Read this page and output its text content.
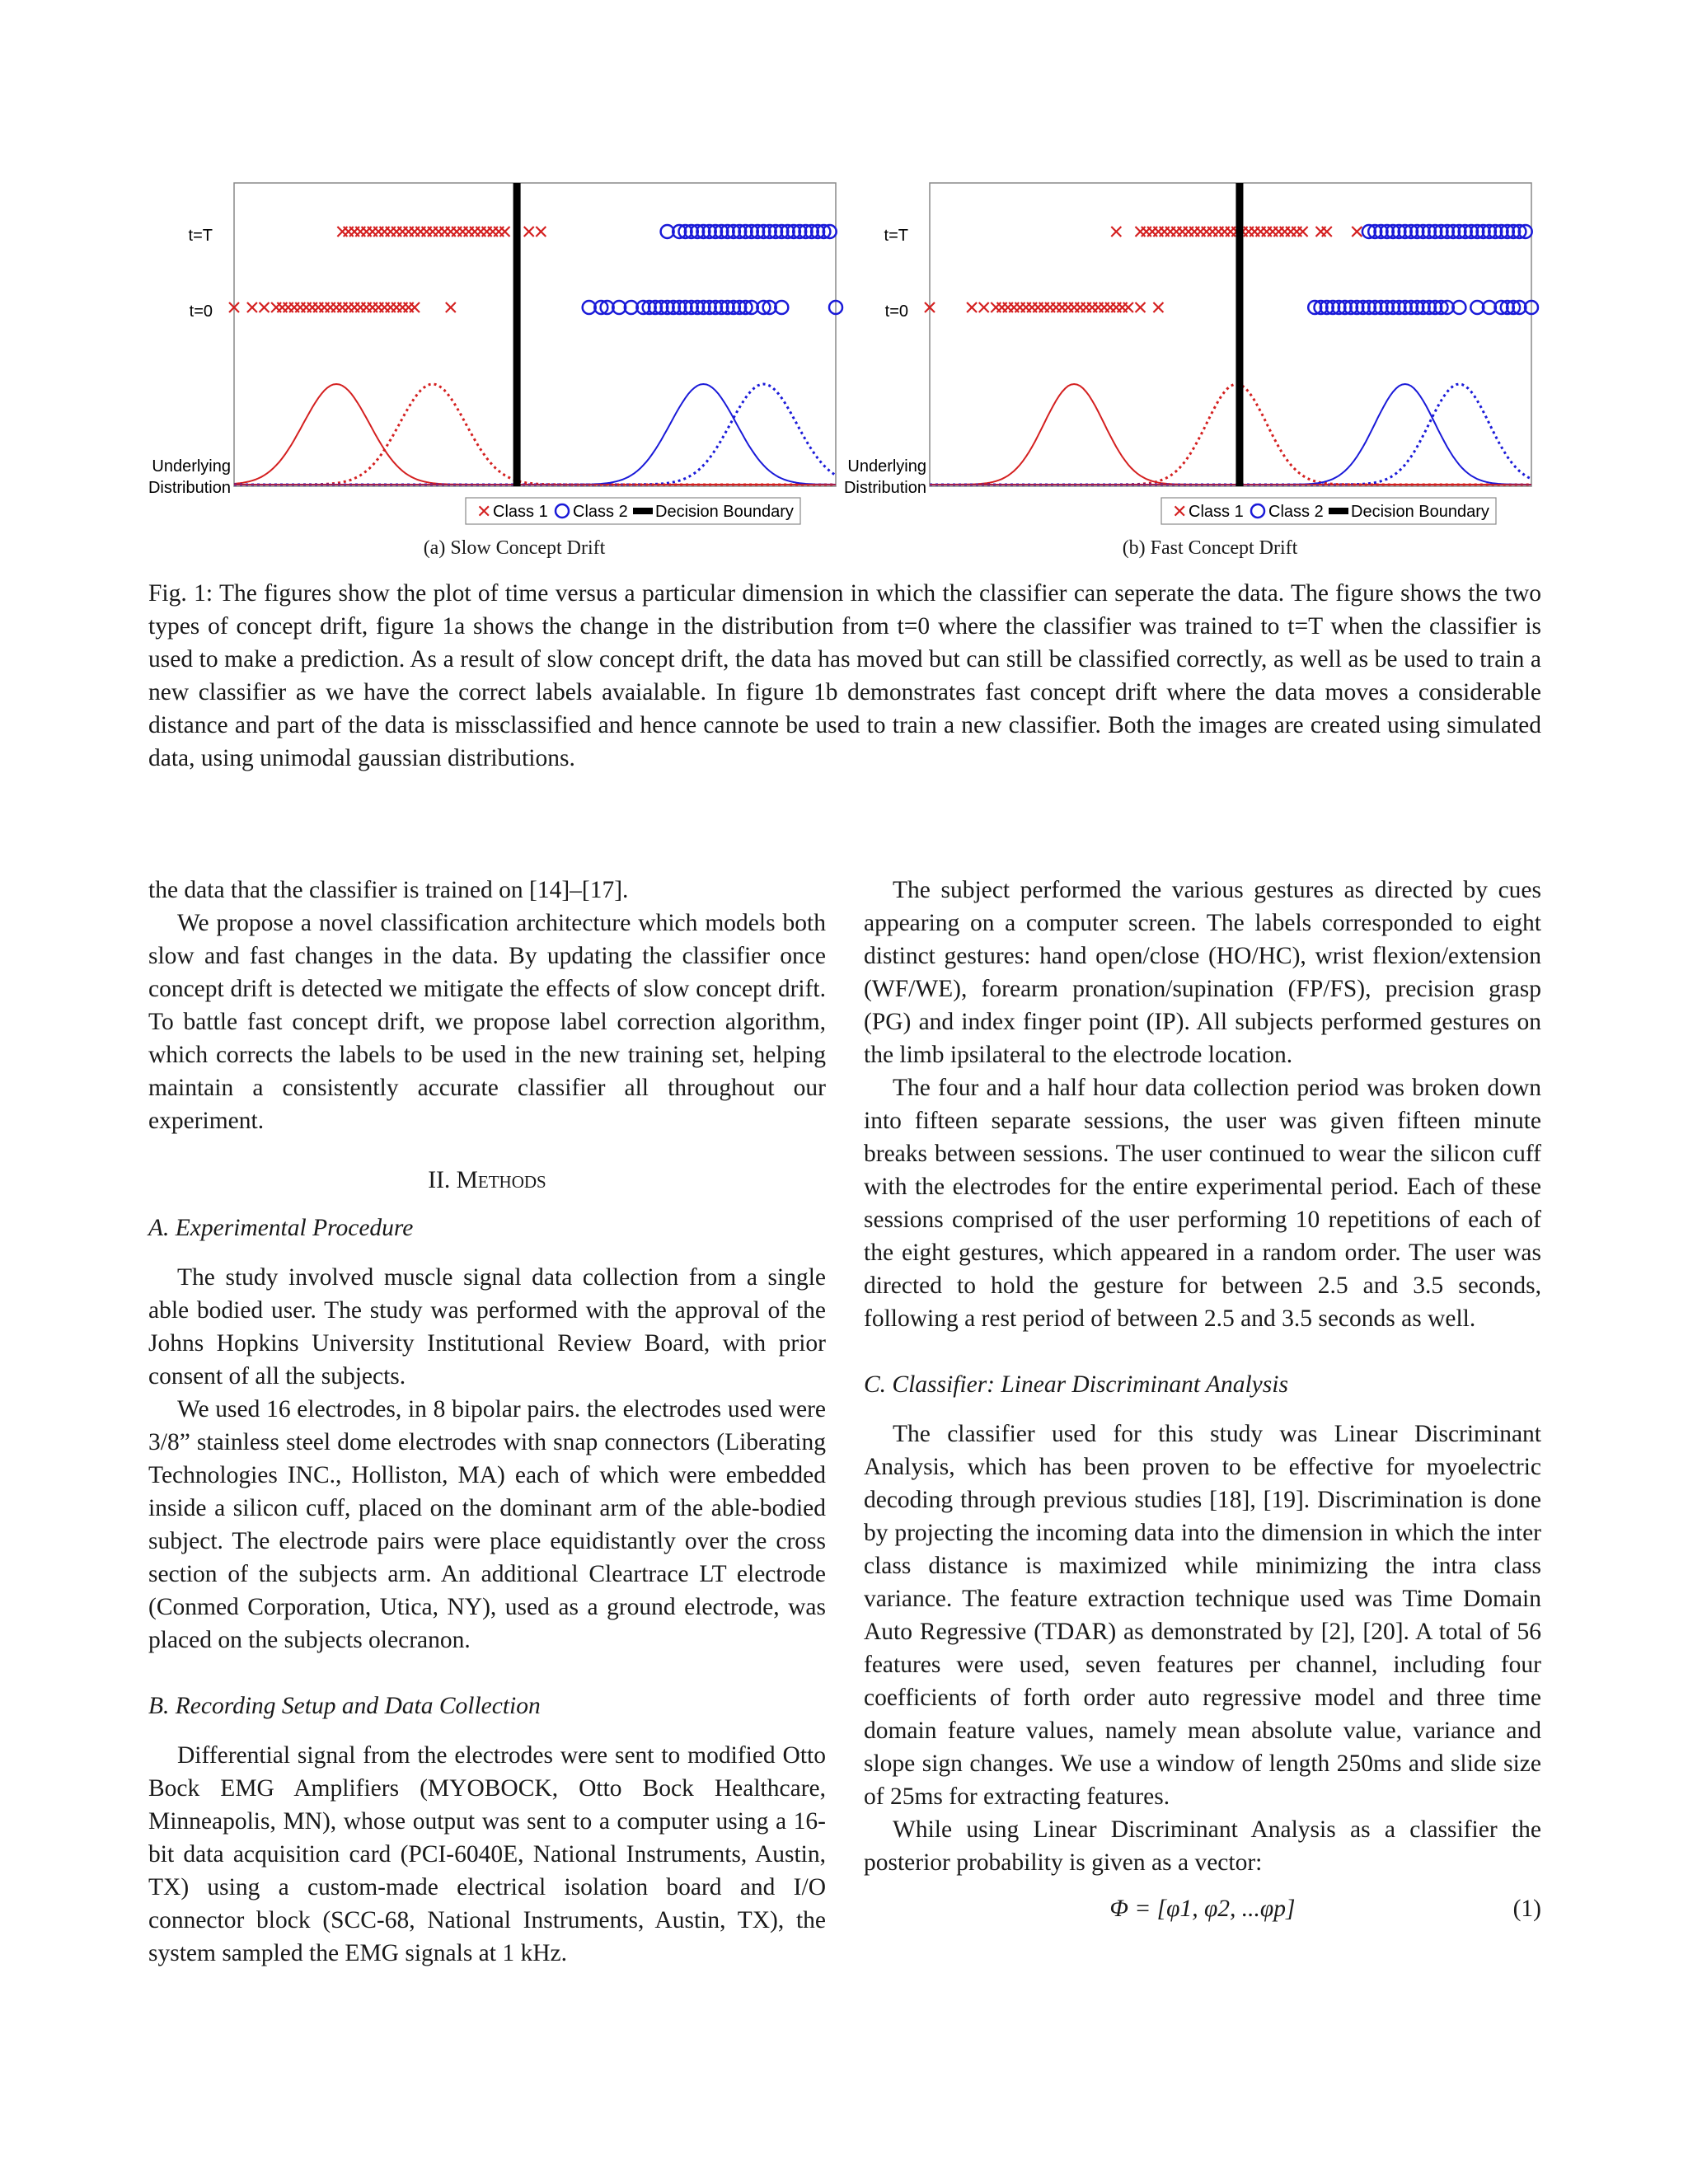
t=T
t=0
Underlying
Distribution
✕ Class 1 Class 2 Decision Boundary
t=T
t=0
Underlying
Distribution
✕ Class 1 Class 2 Decision Boundary
(a) Slow Concept Drift	(b) Fast Concept Drift
Fig. 1: The figures show the plot of time versus a particular dimension in which the classifier can seperate the data. The figure shows the two types of concept drift, figure 1a shows the change in the distribution from t=0 where the classifier was trained to t=T when the classifier is used to make a prediction. As a result of slow concept drift, the data has moved but can still be classified correctly, as well as be used to train a new classifier as we have the correct labels avaialable. In figure 1b demonstrates fast concept drift where the data moves a considerable distance and part of the data is missclassified and hence cannote be used to train a new classifier. Both the images are created using simulated data, using unimodal gaussian distributions.

the data that the classifier is trained on [14]–[17].

We propose a novel classification architecture which models both slow and fast changes in the data. By updating the classifier once concept drift is detected we mitigate the effects of slow concept drift. To battle fast concept drift, we propose label correction algorithm, which corrects the labels to be used in the new training set, helping maintain a consistently accurate classifier all throughout our experiment.

II. Methods
A. Experimental Procedure

The study involved muscle signal data collection from a single able bodied user. The study was performed with the approval of the Johns Hopkins University Institutional Review Board, with prior consent of all the subjects.

We used 16 electrodes, in 8 bipolar pairs. the electrodes used were 3/8” stainless steel dome electrodes with snap connectors (Liberating Technologies INC., Holliston, MA) each of which were embedded inside a silicon cuff, placed on the dominant arm of the able-bodied subject. The electrode pairs were place equidistantly over the cross section of the subjects arm. An additional Cleartrace LT electrode (Conmed Corporation, Utica, NY), used as a ground electrode, was placed on the subjects olecranon.

B. Recording Setup and Data Collection

Differential signal from the electrodes were sent to modified Otto Bock EMG Amplifiers (MYOBOCK, Otto Bock Healthcare, Minneapolis, MN), whose output was sent to a computer using a 16-bit data acquisition card (PCI-6040E, National Instruments, Austin, TX) using a custom-made electrical isolation board and I/O connector block (SCC-68, National Instruments, Austin, TX), the system sampled the EMG signals at 1 kHz.

The subject performed the various gestures as directed by cues appearing on a computer screen. The labels corresponded to eight distinct gestures: hand open/close (HO/HC), wrist flexion/extension (WF/WE), forearm pronation/supination (FP/FS), precision grasp (PG) and index finger point (IP). All subjects performed gestures on the limb ipsilateral to the electrode location.

The four and a half hour data collection period was broken down into fifteen separate sessions, the user was given fifteen minute breaks between sessions. The user continued to wear the silicon cuff with the electrodes for the entire experimental period. Each of these sessions comprised of the user performing 10 repetitions of each of the eight gestures, which appeared in a random order. The user was directed to hold the gesture for between 2.5 and 3.5 seconds, following a rest period of between 2.5 and 3.5 seconds as well.

C. Classifier: Linear Discriminant Analysis

The classifier used for this study was Linear Discriminant Analysis, which has been proven to be effective for myoelectric decoding through previous studies [18], [19]. Discrimination is done by projecting the incoming data into the dimension in which the inter class distance is maximized while minimizing the intra class variance. The feature extraction technique used was Time Domain Auto Regressive (TDAR) as demonstrated by [2], [20]. A total of 56 features were used, seven features per channel, including four coefficients of forth order auto regressive model and three time domain feature values, namely mean absolute value, variance and slope sign changes. We use a window of length 250ms and slide size of 25ms for extracting features.

While using Linear Discriminant Analysis as a classifier the posterior probability is given as a vector:

Φ = [φ1, φ2, ...φp]	(1)
